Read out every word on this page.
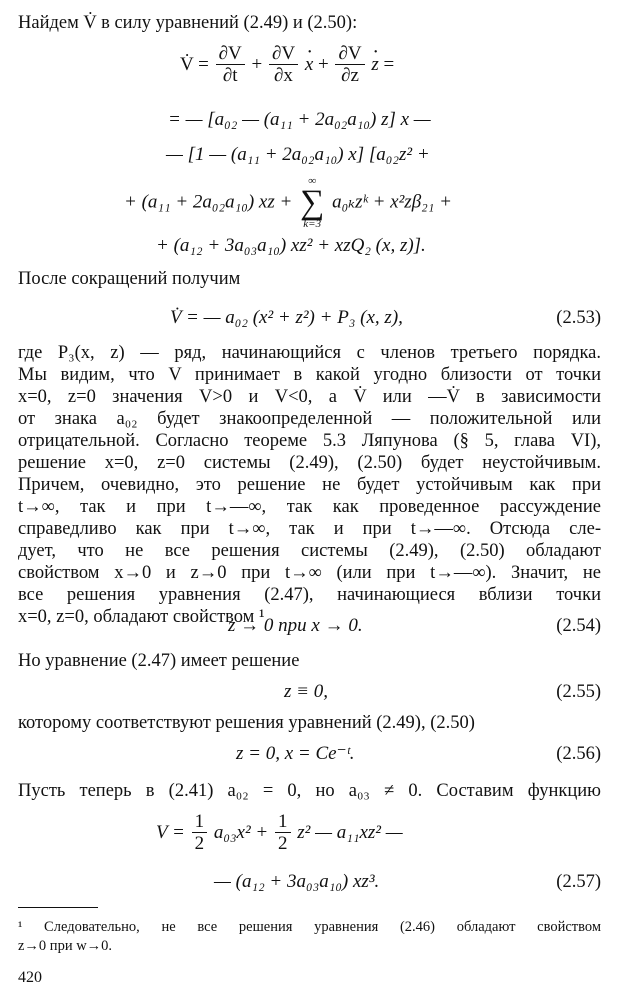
Найдем V̇ в силу уравнений (2.49) и (2.50):
V̇ = $\frac{\partial V}{\partial t} + \frac{\partial V}{\partial x}$
· $x + \frac{\partial V}{\partial z}$
· z =
= — [a₀₂ — (a₁₁ + 2a₀₂a₁₀) z] x —
— [1 — (a₁₁ + 2a₀₂a₁₀) x] [a₀₂z² +
+ (a₁₁ + 2a₀₂a₁₀) xz +
∞
∑
k=3
a₀ₖzᵏ + x²zβ₂₁ +
+ (a₁₂ + 3a₀₃a₁₀) xz² + xzQ₂ (x, z)].
После сокращений получим
V̇ = — a₀₂ (x² + z²) + P₃ (x, z),	(2.53)
где P₃(x, z) — ряд, начинающийся с членов третьего порядка.
Мы видим, что V принимает в какой угодно близости от точки
x=0, z=0 значения V>0 и V<0, а V̇ или —V̇ в зависимости
от знака a₀₂ будет знакоопределенной — положительной или
отрицательной. Согласно теореме 5.3 Ляпунова (§ 5, глава VI),
решение x=0, z=0 системы (2.49), (2.50) будет неустойчивым.
Причем, очевидно, это решение не будет устойчивым как при
t→∞, так и при t→—∞, так как проведенное рассуждение
справедливо как при t→∞, так и при t→—∞. Отсюда сле-
дует, что не все решения системы (2.49), (2.50) обладают
свойством x→0 и z→0 при t→∞ (или при t→—∞). Значит, не
все решения уравнения (2.47), начинающиеся вблизи точки
x=0, z=0, обладают свойством ¹
z → 0 при x → 0.	(2.54)
Но уравнение (2.47) имеет решение
z ≡ 0,	(2.55)
которому соответствуют решения уравнений (2.49), (2.50)
z = 0, x = Ce⁻ᵗ.	(2.56)
Пусть теперь в (2.41) a₀₂ = 0, но a₀₃ ≠ 0. Составим функцию
$V = \frac{1}{2} a_{03}x^2 + \frac{1}{2} z^2$ — a₁₁xz² —
— (a₁₂ + 3a₀₃a₁₀) xz³.	(2.57)
¹ Следовательно, не все решения уравнения (2.46) обладают свойством
z→0 при w→0.
420
